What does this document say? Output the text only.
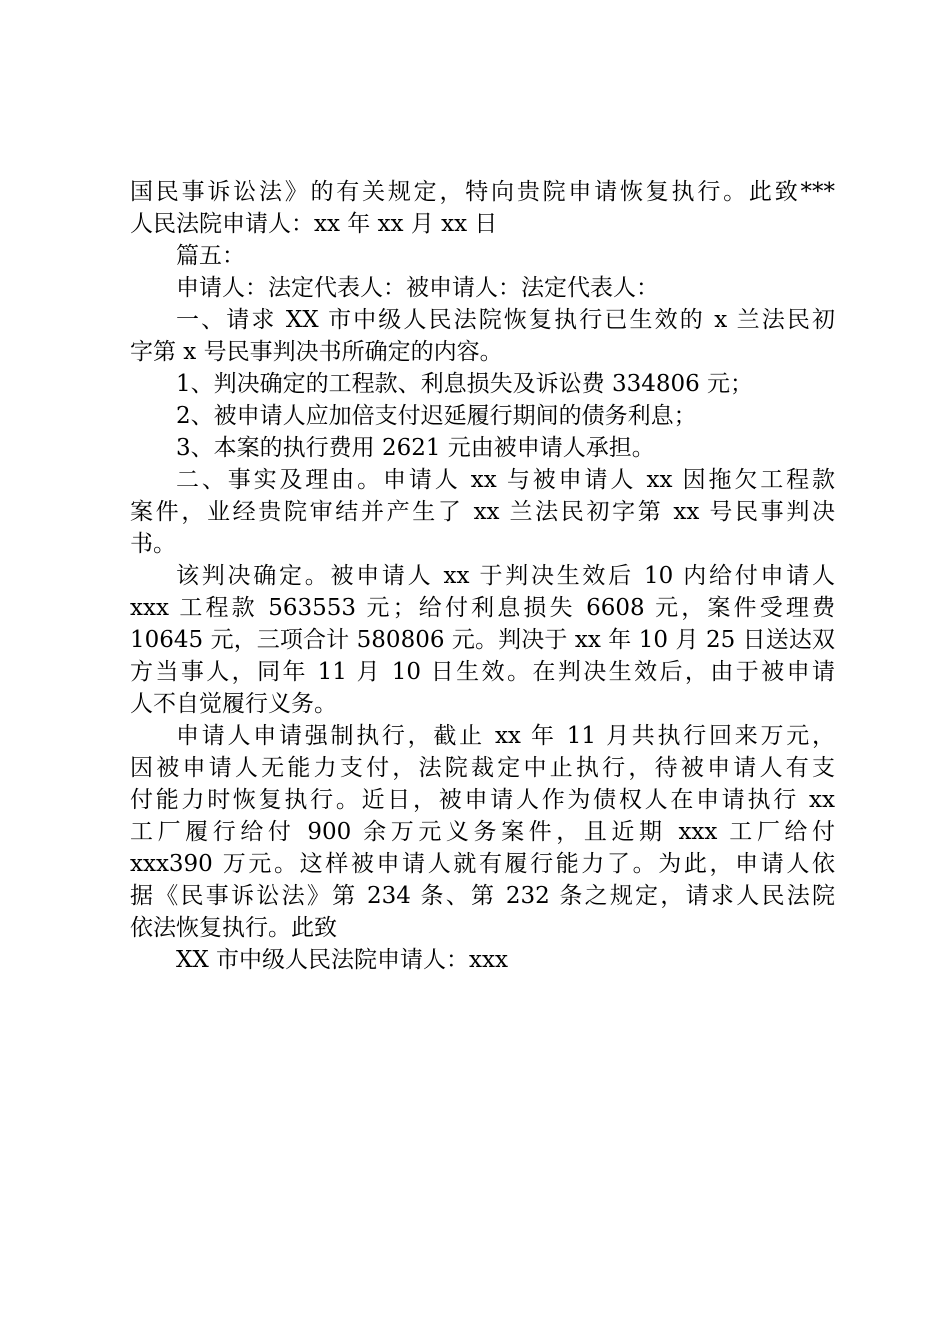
国民事诉讼法》的有关规定，特向贵院申请恢复执行。此致***
人民法院申请人：xx 年 xx 月 xx 日
篇五：
申请人：法定代表人：被申请人：法定代表人：
一、请求 XX 市中级人民法院恢复执行已生效的 x 兰法民初
字第 x 号民事判决书所确定的内容。
1、判决确定的工程款、利息损失及诉讼费 334806 元；
2、被申请人应加倍支付迟延履行期间的债务利息；
3、本案的执行费用 2621 元由被申请人承担。
二、事实及理由。申请人 xx 与被申请人 xx 因拖欠工程款
案件，业经贵院审结并产生了 xx 兰法民初字第 xx 号民事判决
书。
该判决确定。被申请人 xx 于判决生效后 10 内给付申请人
xxx 工程款 563553 元；给付利息损失 6608 元，案件受理费
10645 元，三项合计 580806 元。判决于 xx 年 10 月 25 日送达双
方当事人，同年 11 月 10 日生效。在判决生效后，由于被申请
人不自觉履行义务。
申请人申请强制执行，截止 xx 年 11 月共执行回来万元，
因被申请人无能力支付，法院裁定中止执行，待被申请人有支
付能力时恢复执行。近日，被申请人作为债权人在申请执行 xx
工厂履行给付 900 余万元义务案件，且近期 xxx 工厂给付
xxx390 万元。这样被申请人就有履行能力了。为此，申请人依
据《民事诉讼法》第 234 条、第 232 条之规定，请求人民法院
依法恢复执行。此致
XX 市中级人民法院申请人：xxx
